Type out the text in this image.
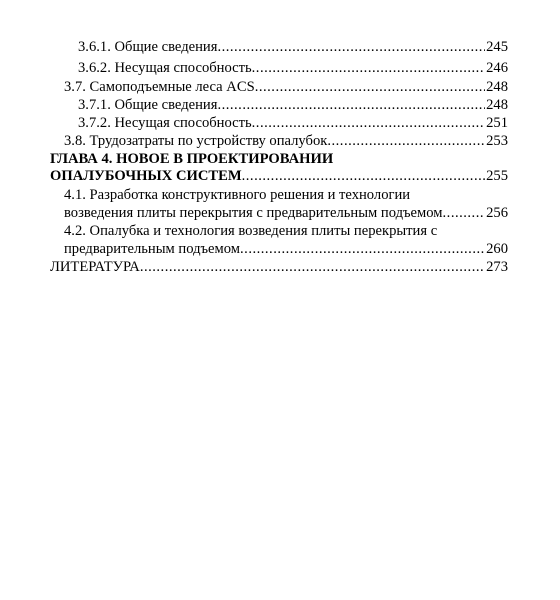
3.6.1. Общие сведения .....	245
3.6.2. Несущая способность .....	246
3.7. Самоподъемные леса ACS .....	248
3.7.1. Общие сведения .....	248
3.7.2. Несущая способность .....	251
3.8. Трудозатраты по устройству опалубок .....	253
ГЛАВА 4. НОВОЕ В ПРОЕКТИРОВАНИИ
ОПАЛУБОЧНЫХ СИСТЕМ .....	255
4.1. Разработка конструктивного решения и технологии
возведения плиты перекрытия с предварительным подъемом .....	256
4.2. Опалубка и технология возведения плиты перекрытия с
предварительным подъемом .....	260
ЛИТЕРАТУРА .....	273
